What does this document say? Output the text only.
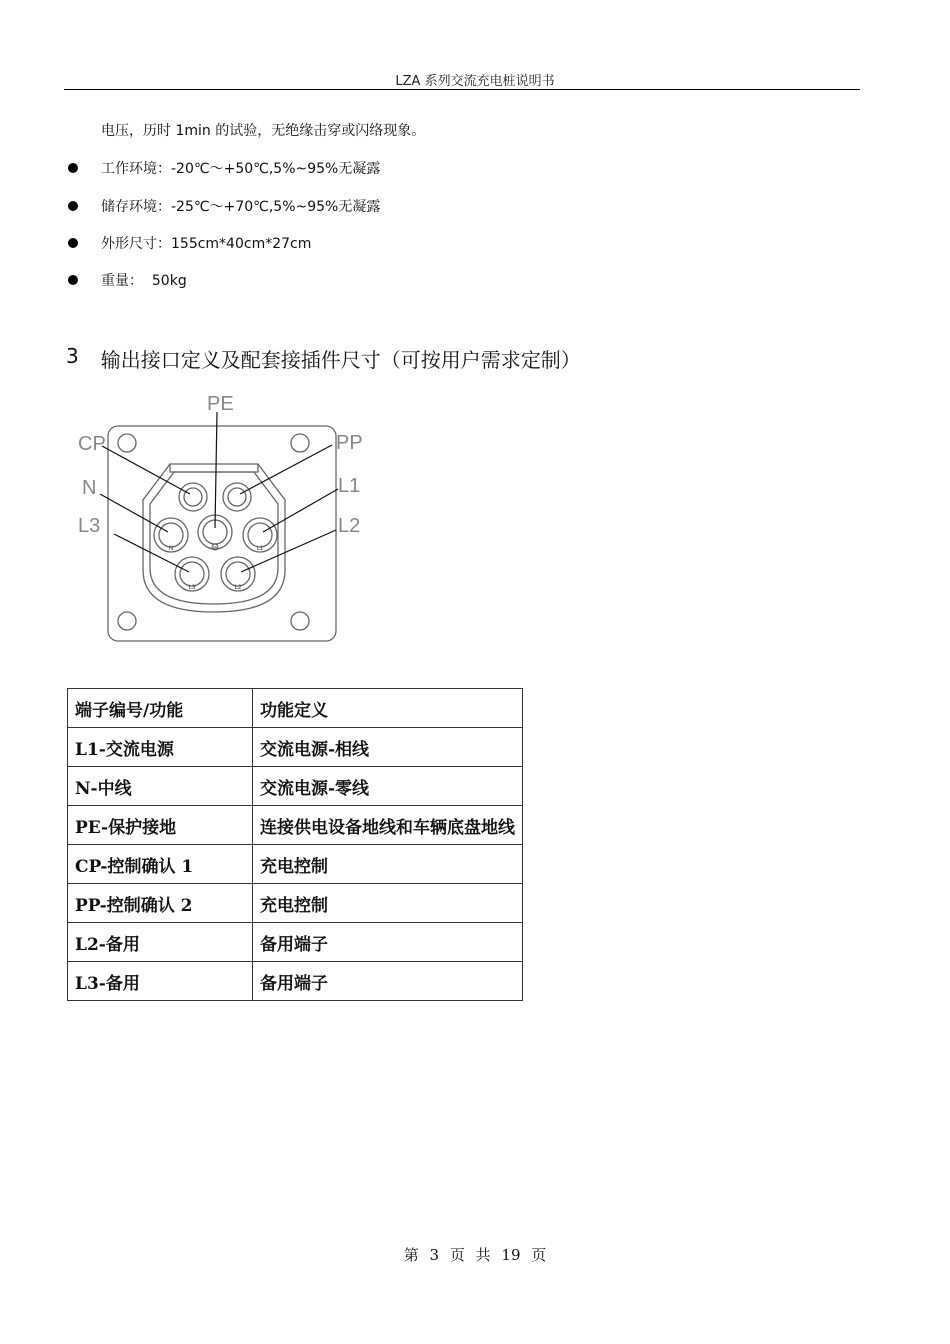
LZA 系列交流充电桩说明书
电压，历时 1min 的试验，无绝缘击穿或闪络现象。
工作环境：-20℃～+50℃,5%~95%无凝露
储存环境：-25℃～+70℃,5%~95%无凝露
外形尺寸：155cm*40cm*27cm
重量：  50kg
3 输出接口定义及配套接插件尺寸（可按用户需求定制）
PE
CP	PP
N	L1
L3	L2
N	L1
L3	L2
端子编号/功能	功能定义
L1-交流电源	交流电源-相线
N-中线	交流电源-零线
PE-保护接地	连接供电设备地线和车辆底盘地线
CP-控制确认 1	充电控制
PP-控制确认 2	充电控制
L2-备用	备用端子
L3-备用	备用端子
第 3 页 共 19 页
